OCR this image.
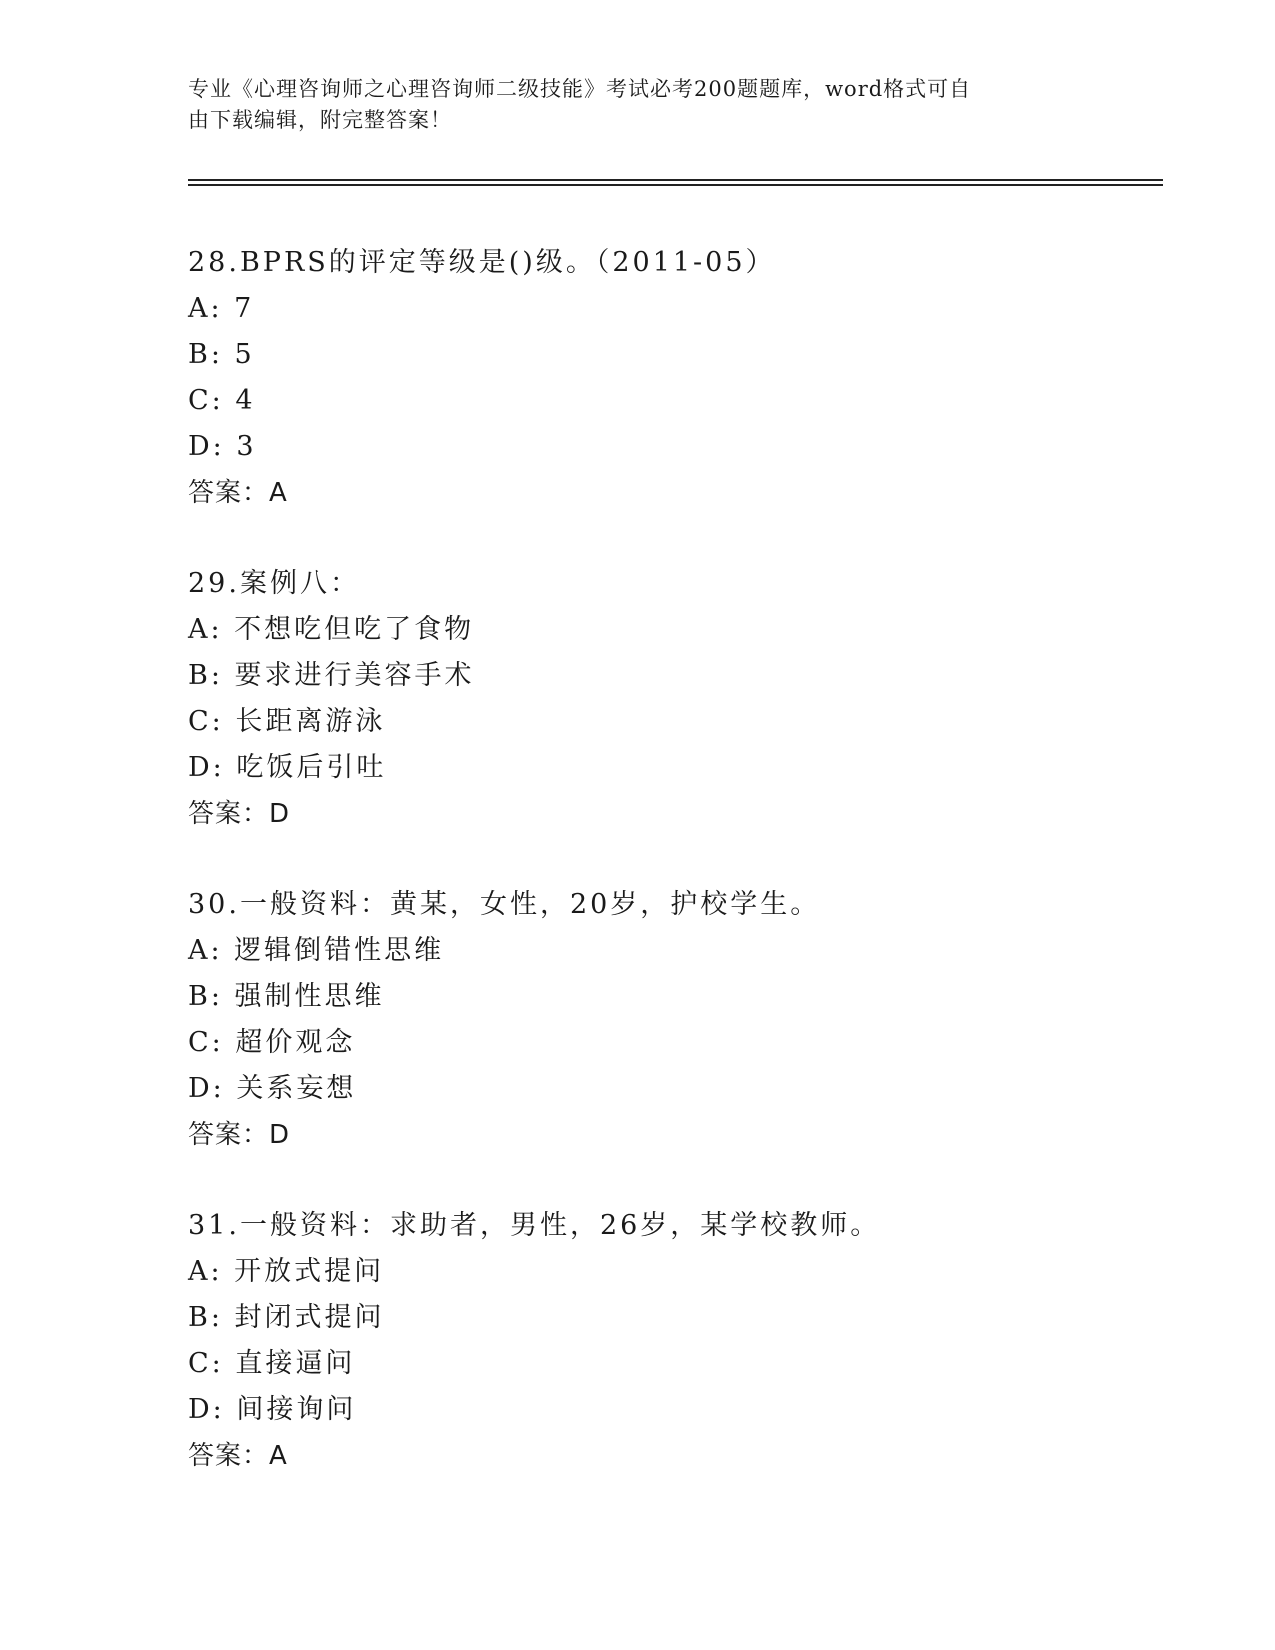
专业《心理咨询师之心理咨询师二级技能》考试必考200题题库，word格式可自
由下载编辑，附完整答案！
28.BPRS的评定等级是()级。（2011-05）
A: 7
B: 5
C: 4
D: 3
答案：A
29.案例八：
A: 不想吃但吃了食物
B: 要求进行美容手术
C: 长距离游泳
D: 吃饭后引吐
答案：D
30.一般资料：黄某，女性，20岁，护校学生。
A: 逻辑倒错性思维
B: 强制性思维
C: 超价观念
D: 关系妄想
答案：D
31.一般资料：求助者，男性，26岁，某学校教师。
A: 开放式提问
B: 封闭式提问
C: 直接逼问
D: 间接询问
答案：A
